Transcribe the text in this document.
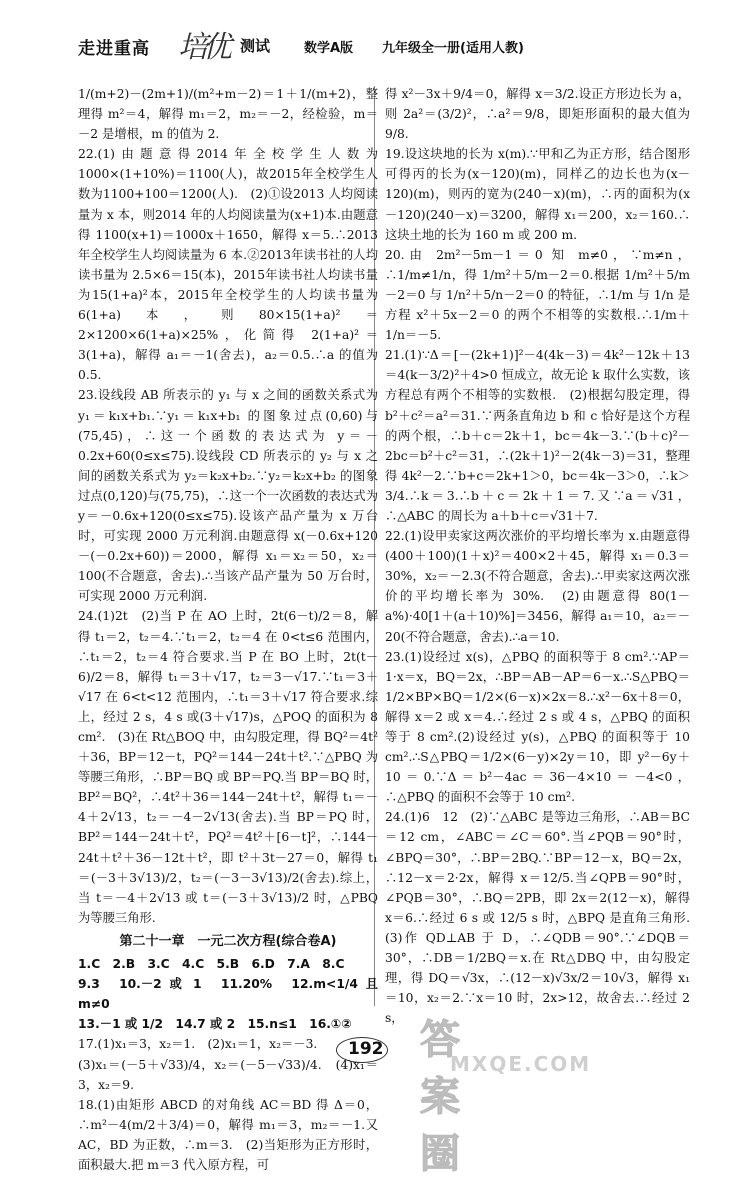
走进重高 培优 测试	数学A版 九年级全一册(适用人教)

1/(m+2)－(2m+1)/(m²+m－2)＝1＋1/(m+2)，整理得 m²＝4，解得 m₁＝2，m₂＝－2，经检验，m＝－2 是增根，m 的值为 2.

22.(1)由题意得2014年全校学生人数为1000×(1+10%)＝1100(人)，故2015年全校学生人数为1100+100＝1200(人).　(2)①设2013 人均阅读量为 x 本，则2014 年的人均阅读量为(x+1)本.由题意得 1100(x+1)＝1000x＋1650，解得 x＝5.∴2013 年全校学生人均阅读量为 6 本.②2013年读书社的人均读书量为 2.5×6＝15(本)，2015年读书社人均读书量为15(1+a)²本，2015年全校学生的人均读书量为6(1+a)本，则80×15(1+a)²＝2×1200×6(1+a)×25%，化简得 2(1+a)²＝3(1+a)，解得 a₁＝－1(舍去)，a₂＝0.5.∴a 的值为 0.5.

23.设线段 AB 所表示的 y₁ 与 x 之间的函数关系式为 y₁＝k₁x+b₁.∵y₁＝k₁x+b₁ 的图象过点(0,60)与(75,45)，∴这一个函数的表达式为 y＝－0.2x+60(0≤x≤75).设线段 CD 所表示的 y₂ 与 x 之间的函数关系式为 y₂＝k₂x+b₂.∵y₂＝k₂x+b₂ 的图象过点(0,120)与(75,75)，∴这一个一次函数的表达式为 y＝－0.6x+120(0≤x≤75).设该产品产量为 x 万台时，可实现 2000 万元利润.由题意得 x(－0.6x+120－(－0.2x+60))＝2000，解得 x₁＝x₂＝50，x₂＝100(不合题意，舍去).∴当该产品产量为 50 万台时，可实现 2000 万元利润.

24.(1)2t　(2)当 P 在 AO 上时，2t(6－t)/2＝8，解得 t₁＝2，t₂＝4.∵t₁＝2，t₂＝4 在 0<t≤6 范围内，∴t₁＝2，t₂＝4 符合要求.当 P 在 BO 上时，2t(t－6)/2＝8，解得 t₁＝3＋√17，t₂＝3－√17.∵t₁＝3＋√17 在 6<t<12 范围内，∴t₁＝3＋√17 符合要求.综上，经过 2 s，4 s 或(3＋√17)s，△POQ 的面积为 8 cm².　(3)在 Rt△BOQ 中，由勾股定理，得 BQ²＝4t²＋36，BP＝12－t，PQ²＝144－24t＋t².∵△PBQ 为等腰三角形，∴BP＝BQ 或 BP＝PQ.当 BP＝BQ 时，BP²＝BQ²，∴4t²＋36＝144－24t＋t²，解得 t₁＝－4＋2√13，t₂＝－4－2√13(舍去).当 BP＝PQ 时，BP²＝144－24t＋t²，PQ²＝4t²＋[6－t]²，∴144－24t＋t²＋36－12t＋t²，即 t²＋3t－27＝0，解得 t₁＝(－3＋3√13)/2，t₂＝(－3－3√13)/2(舍去).综上，当 t＝－4＋2√13 或 t＝(－3＋3√13)/2 时，△PBQ 为等腰三角形.

第二十一章　一元二次方程(综合卷A)

1.C　2.B　3.C　4.C　5.B　6.D　7.A　8.C

9.3　10.－2 或 1　11.20%　12.m<1/4 且 m≠0

13.－1 或 1/2　14.7 或 2　15.n≤1　16.①②

17.(1)x₁＝3，x₂＝1.　(2)x₁＝1，x₂＝－3.

(3)x₁＝(－5＋√33)/4，x₂＝(－5－√33)/4.　(4)x₁＝3，x₂＝9.

18.(1)由矩形 ABCD 的对角线 AC＝BD 得 Δ＝0，∴m²－4(m/2＋3/4)＝0，解得 m₁＝3，m₂＝－1.又 AC，BD 为正数，∴m＝3.　(2)当矩形为正方形时，面积最大.把 m＝3 代入原方程，可

得 x²－3x＋9/4＝0，解得 x＝3/2.设正方形边长为 a，则 2a²＝(3/2)²，∴a²＝9/8，即矩形面积的最大值为 9/8.

19.设这块地的长为 x(m).∵甲和乙为正方形，结合图形可得丙的长为(x－120)(m)，同样乙的边长也为(x－120)(m)，则丙的宽为(240－x)(m)，∴丙的面积为(x－120)(240－x)＝3200，解得 x₁＝200，x₂＝160.∴这块土地的长为 160 m 或 200 m.

20.由 2m²－5m－1＝0 知 m≠0，∵m≠n，∴1/m≠1/n，得 1/m²＋5/m－2＝0.根据 1/m²＋5/m－2＝0 与 1/n²＋5/n－2＝0 的特征，∴1/m 与 1/n 是方程 x²＋5x－2＝0 的两个不相等的实数根.∴1/m＋1/n＝－5.

21.(1)∵Δ＝[－(2k+1)]²－4(4k－3)＝4k²－12k＋13＝4(k－3/2)²＋4>0 恒成立，故无论 k 取什么实数，该方程总有两个不相等的实数根.　(2)根据勾股定理，得 b²＋c²＝a²＝31.∵两条直角边 b 和 c 恰好是这个方程的两个根，∴b＋c＝2k＋1，bc＝4k－3.∵(b＋c)²－2bc＝b²＋c²＝31，∴(2k＋1)²－2(4k－3)＝31，整理得 4k²－2.∵b+c＝2k+1＞0，bc＝4k－3＞0，∴k＞3/4.∴k＝3.∴b＋c＝2k＋1＝7.又∵a＝√31，∴△ABC 的周长为 a＋b＋c＝√31＋7.

22.(1)设甲卖家这两次涨价的平均增长率为 x.由题意得(400＋100)(1＋x)²＝400×2＋45，解得 x₁＝0.3＝30%，x₂＝－2.3(不符合题意，舍去).∴甲卖家这两次涨价的平均增长率为 30%.　(2)由题意得 80(1－a%)·40[1＋(a＋10)%]＝3456，解得 a₁＝10，a₂＝－20(不符合题意，舍去).∴a＝10.

23.(1)设经过 x(s)，△PBQ 的面积等于 8 cm².∵AP＝1·x＝x，BQ＝2x，∴BP＝AB－AP＝6－x.∴S△PBQ＝1/2×BP×BQ＝1/2×(6－x)×2x＝8.∴x²－6x＋8＝0，解得 x＝2 或 x＝4.∴经过 2 s 或 4 s，△PBQ 的面积等于 8 cm².(2)设经过 y(s)，△PBQ 的面积等于 10 cm².∴S△PBQ＝1/2×(6－y)×2y＝10，即 y²－6y＋10＝0.∵Δ＝b²－4ac＝36－4×10＝－4<0，∴△PBQ 的面积不会等于 10 cm².

24.(1)6　12　(2)∵△ABC 是等边三角形，∴AB＝BC＝12 cm，∠ABC＝∠C＝60°.当∠PQB＝90°时，∠BPQ＝30°，∴BP＝2BQ.∵BP＝12－x，BQ＝2x，∴12－x＝2·2x，解得 x＝12/5.当∠QPB＝90°时，∠PQB＝30°，∴BQ＝2PB，即 2x＝2(12－x)，解得 x＝6.∴经过 6 s 或 12/5 s 时，△BPQ 是直角三角形.　(3)作 QD⊥AB 于 D，∴∠QDB＝90°.∵∠DQB＝30°，∴DB＝1/2BQ＝x.在 Rt△DBQ 中，由勾股定理，得 DQ＝√3x，∴(12－x)√3x/2＝10√3，解得 x₁＝10，x₂＝2.∵x＝10 时，2x>12，故舍去.∴经过 2 s，

192 答案圈
MXQE.COM
